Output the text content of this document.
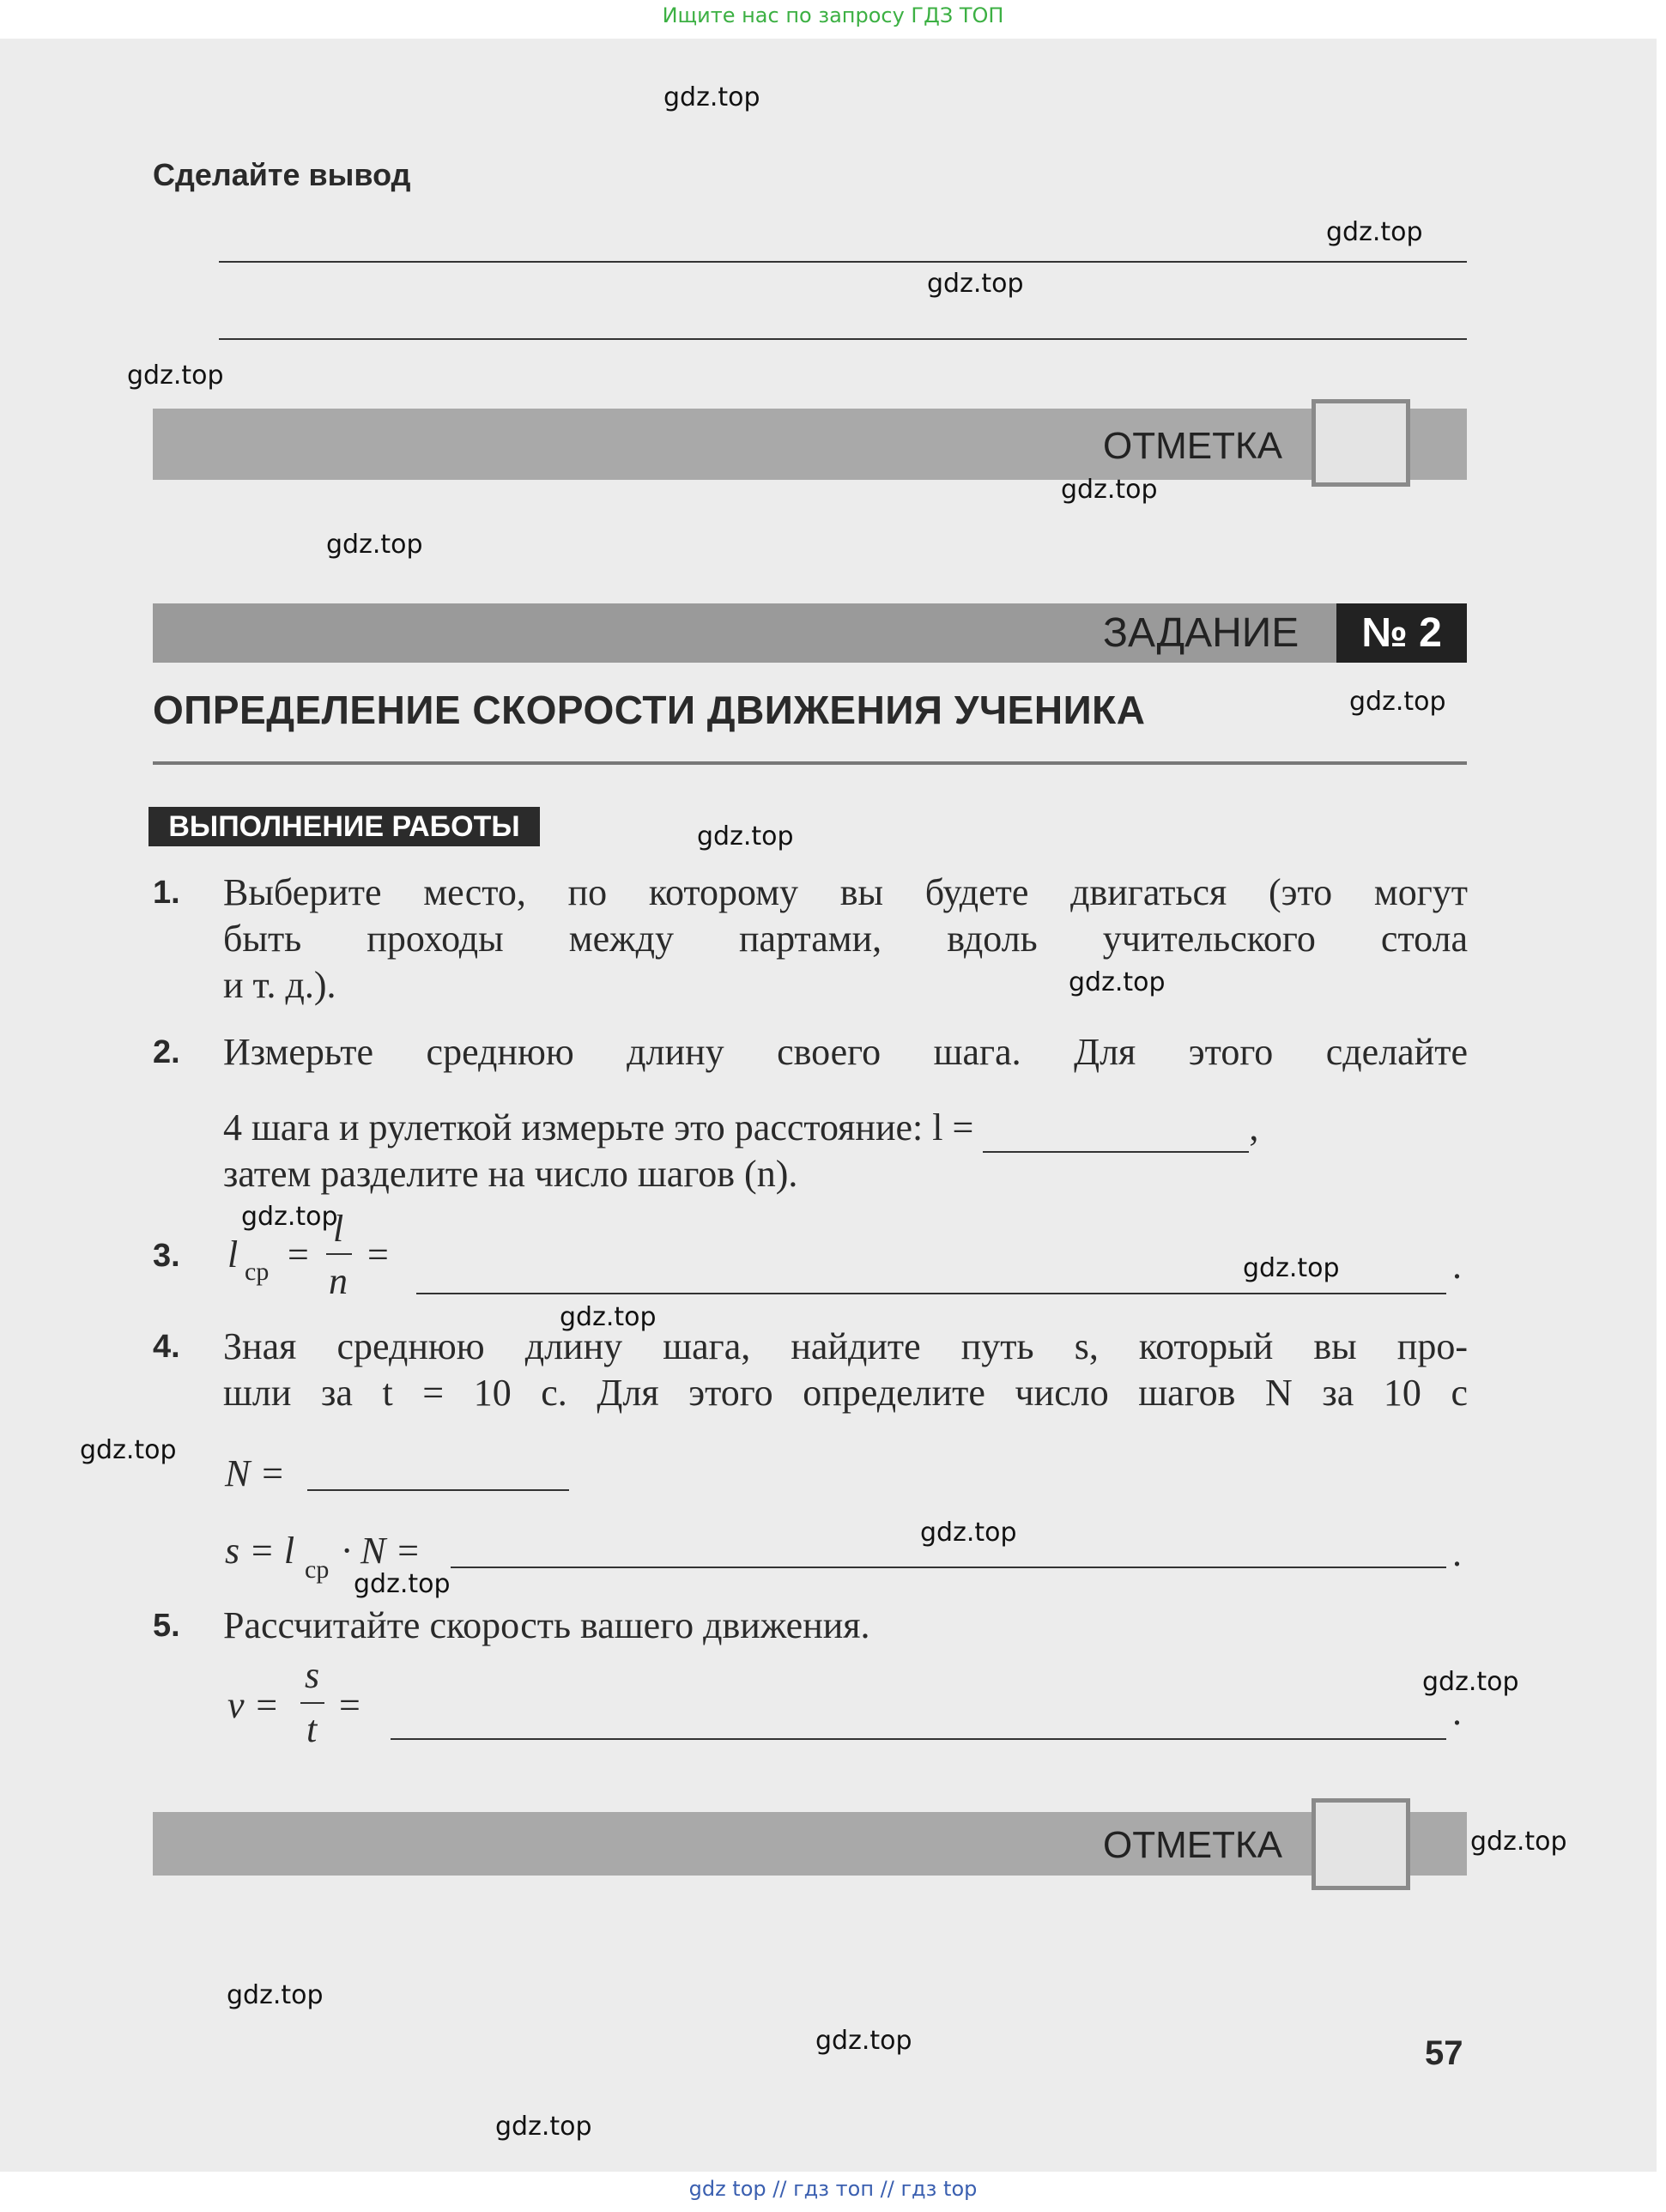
Ищите нас по запросу ГДЗ ТОП
Сделайте вывод
ОТМЕТКА
ЗАДАНИЕ	№ 2
ОПРЕДЕЛЕНИЕ СКОРОСТИ ДВИЖЕНИЯ УЧЕНИКА
ВЫПОЛНЕНИЕ РАБОТЫ
1. Выберите место, по которому вы будете двигаться (это могут
быть проходы между партами, вдоль учительского стола
и т. д.).
2. Измерьте среднюю длину своего шага. Для этого сделайте
4 шага и рулеткой измерьте это расстояние: l =	,
затем разделите на число шагов (n).
3. l ср =
l
n
=	.
4. Зная среднюю длину шага, найдите путь s, который вы про-
шли за t = 10 с. Для этого определите число шагов N за 10 с
N =
s = l ср · N =	.
5. Рассчитайте скорость вашего движения.
v =
s
t
=	.
ОТМЕТКА
57
gdz.top
gdz.top
gdz.top
gdz.top
gdz.top
gdz.top
gdz.top
gdz.top
gdz.top
gdz.top
gdz.top
gdz.top
gdz.top
gdz.top
gdz.top
gdz.top
gdz.top
gdz.top
gdz.top
gdz.top
gdz top // гдз топ // гдз top
